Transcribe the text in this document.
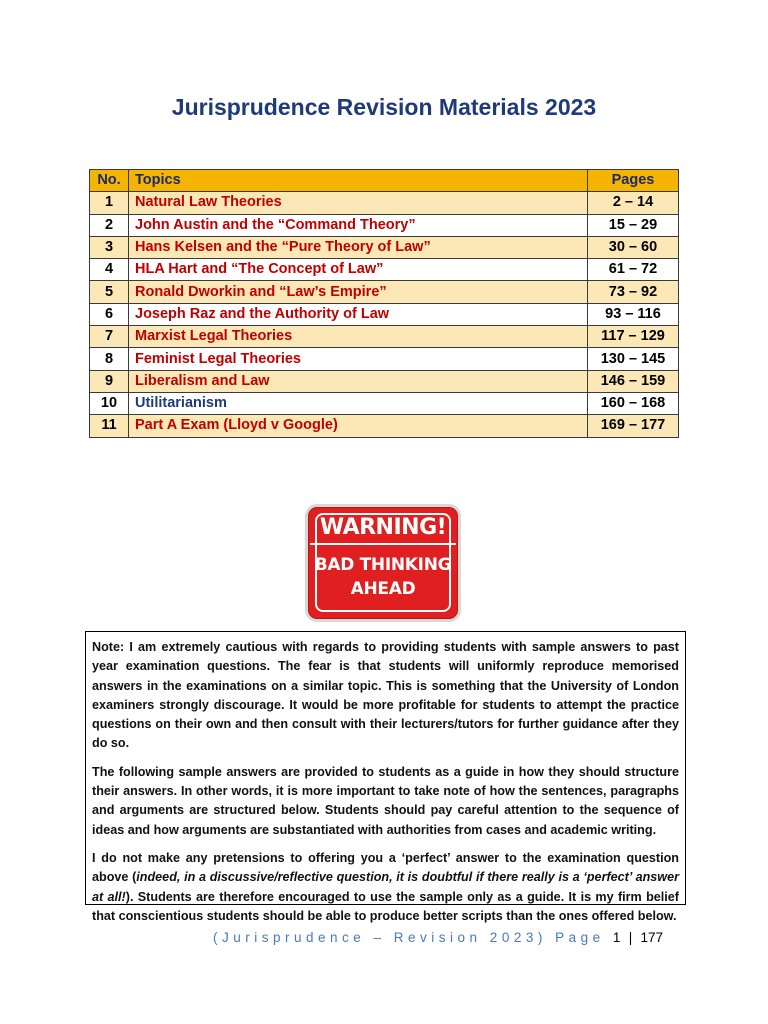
Jurisprudence Revision Materials 2023
No.	Topics	Pages
1	Natural Law Theories	2 – 14
2	John Austin and the “Command Theory”	15 – 29
3	Hans Kelsen and the “Pure Theory of Law”	30 – 60
4	HLA Hart and “The Concept of Law”	61 – 72
5	Ronald Dworkin and “Law’s Empire”	73 – 92
6	Joseph Raz and the Authority of Law	93 – 116
7	Marxist Legal Theories	117 – 129
8	Feminist Legal Theories	130 – 145
9	Liberalism and Law	146 – 159
10	Utilitarianism	160 – 168
11	Part A Exam (Lloyd v Google)	169 – 177
WARNING!
BAD THINKING
AHEAD

Note: I am extremely cautious with regards to providing students with sample answers to past year examination questions. The fear is that students will uniformly reproduce memorised answers in the examinations on a similar topic. This is something that the University of London examiners strongly discourage. It would be more profitable for students to attempt the practice questions on their own and then consult with their lecturers/tutors for further guidance after they do so.

The following sample answers are provided to students as a guide in how they should structure their answers. In other words, it is more important to take note of how the sentences, paragraphs and arguments are structured below. Students should pay careful attention to the sequence of ideas and how arguments are substantiated with authorities from cases and academic writing.

I do not make any pretensions to offering you a ‘perfect’ answer to the examination question above (indeed, in a discussive/reflective question, it is doubtful if there really is a ‘perfect’ answer at all!). Students are therefore encouraged to use the sample only as a guide. It is my firm belief that conscientious students should be able to produce better scripts than the ones offered below.

(Jurisprudence – Revision 2023) Page 1 | 177
